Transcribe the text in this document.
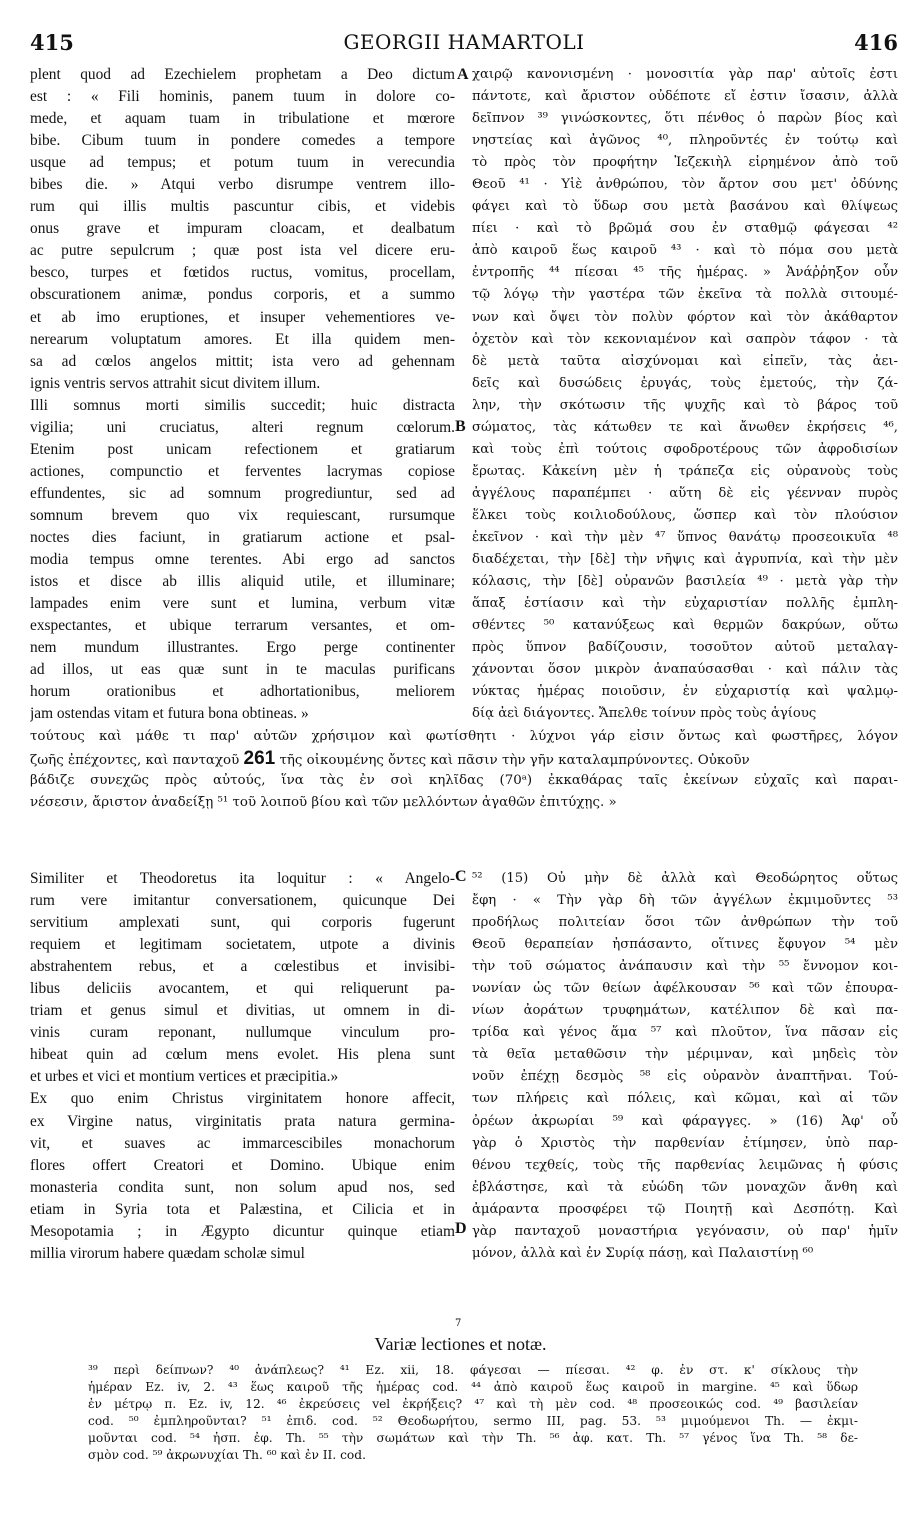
415	GEORGII HAMARTOLI	416
A
B
C
D
plent quod ad Ezechielem prophetam a Deo dictum
est : « Fili hominis, panem tuum in dolore co-
mede, et aquam tuam in tribulatione et mœrore
bibe. Cibum tuum in pondere comedes a tempore
usque ad tempus; et potum tuum in verecundia
bibes die. » Atqui verbo disrumpe ventrem illo-
rum qui illis multis pascuntur cibis, et videbis
onus grave et impuram cloacam, et dealbatum
ac putre sepulcrum ; quæ post ista vel dicere eru-
besco, turpes et fœtidos ructus, vomitus, procellam,
obscurationem animæ, pondus corporis, et a summo
et ab imo eruptiones, et insuper vehementiores ve-
nerearum voluptatum amores. Et illa quidem men-
sa ad cœlos angelos mittit; ista vero ad gehennam
ignis ventris servos attrahit sicut divitem illum.
Illi somnus morti similis succedit; huic distracta
vigilia; uni cruciatus, alteri regnum cœlorum.
Etenim post unicam refectionem et gratiarum
actiones, compunctio et ferventes lacrymas copiose
effundentes, sic ad somnum progrediuntur, sed ad
somnum brevem quo vix requiescant, rursumque
noctes dies faciunt, in gratiarum actione et psal-
modia tempus omne terentes. Abi ergo ad sanctos
istos et disce ab illis aliquid utile, et illuminare;
lampades enim vere sunt et lumina, verbum vitæ
exspectantes, et ubique terrarum versantes, et om-
nem mundum illustrantes. Ergo perge continenter
ad illos, ut eas quæ sunt in te maculas purificans
horum orationibus et adhortationibus, meliorem
jam ostendas vitam et futura bona obtineas. »
χαιρῷ κανονισμένη · μονοσιτία γὰρ παρ' αὐτοῖς ἐστι
πάντοτε, καὶ ἄριστον οὐδέποτε εἴ ἐστιν ἴσασιν, ἀλλὰ
δεῖπνον ³⁹ γινώσκοντες, ὅτι πένθος ὁ παρὼν βίος καὶ
νηστείας καὶ ἀγῶνος ⁴⁰, πληροῦντές ἐν τούτῳ καὶ
τὸ πρὸς τὸν προφήτην Ἰεζεκιὴλ εἰρημένον ἀπὸ τοῦ
Θεοῦ ⁴¹ · Υἱὲ ἀνθρώπου, τὸν ἄρτον σου μετ' ὀδύνης
φάγει καὶ τὸ ὕδωρ σου μετὰ βασάνου καὶ θλίψεως
πίει · καὶ τὸ βρῶμά σου ἐν σταθμῷ φάγεσαι ⁴²
ἀπὸ καιροῦ ἕως καιροῦ ⁴³ · καὶ τὸ πόμα σου μετὰ
ἐντροπῆς ⁴⁴ πίεσαι ⁴⁵ τῆς ἡμέρας. » Ἀνάῤῥηξον οὖν
τῷ λόγῳ τὴν γαστέρα τῶν ἐκεῖνα τὰ πολλὰ σιτουμέ-
νων καὶ ὄψει τὸν πολὺν φόρτον καὶ τὸν ἀκάθαρτον
ὀχετὸν καὶ τὸν κεκονιαμένον καὶ σαπρὸν τάφον · τὰ
δὲ μετὰ ταῦτα αἰσχύνομαι καὶ εἰπεῖν, τὰς ἀει-
δεῖς καὶ δυσώδεις ἐρυγάς, τοὺς ἐμετούς, τὴν ζά-
λην, τὴν σκότωσιν τῆς ψυχῆς καὶ τὸ βάρος τοῦ
σώματος, τὰς κάτωθεν τε καὶ ἄνωθεν ἐκρήσεις ⁴⁶,
καὶ τοὺς ἐπὶ τούτοις σφοδροτέρους τῶν ἀφροδισίων
ἔρωτας. Κἀκείνη μὲν ἡ τράπεζα εἰς οὐρανοὺς τοὺς
ἀγγέλους παραπέμπει · αὕτη δὲ εἰς γέενναν πυρὸς
ἕλκει τοὺς κοιλιοδούλους, ὥσπερ καὶ τὸν πλούσιον
ἐκεῖνον · καὶ τὴν μὲν ⁴⁷ ὕπνος θανάτῳ προσεοικυῖα ⁴⁸
διαδέχεται, τὴν [δὲ] τὴν νῆψις καὶ ἀγρυπνία, καὶ τὴν μὲν
κόλασις, τὴν [δὲ] οὐρανῶν βασιλεία ⁴⁹ · μετὰ γὰρ τὴν
ἅπαξ ἑστίασιν καὶ τὴν εὐχαριστίαν πολλῆς ἐμπλη-
σθέντες ⁵⁰ κατανύξεως καὶ θερμῶν δακρύων, οὕτω
πρὸς ὕπνον βαδίζουσιν, τοσοῦτον αὐτοῦ μεταλαγ-
χάνονται ὅσον μικρὸν ἀναπαύσασθαι · καὶ πάλιν τὰς
νύκτας ἡμέρας ποιοῦσιν, ἐν εὐχαριστίᾳ καὶ ψαλμῳ-
δίᾳ ἀεὶ διάγοντες. Ἄπελθε τοίνυν πρὸς τοὺς ἁγίους
τούτους καὶ μάθε τι παρ' αὐτῶν χρήσιμον καὶ φωτίσθητι · λύχνοι γάρ εἰσιν ὄντως καὶ φωστῆρες, λόγον
ζωῆς ἐπέχοντες, καὶ πανταχοῦ 261 τῆς οἰκουμένης ὄντες καὶ πᾶσιν τὴν γῆν καταλαμπρύνοντες. Οὐκοῦν
βάδιζε συνεχῶς πρὸς αὐτούς, ἵνα τὰς ἐν σοὶ κηλῖδας (70ᵃ) ἐκκαθάρας ταῖς ἐκείνων εὐχαῖς καὶ παραι-
νέσεσιν, ἄριστον ἀναδείξῃ ⁵¹ τοῦ λοιποῦ βίου καὶ τῶν μελλόντων ἀγαθῶν ἐπιτύχῃς. »
Similiter et Theodoretus ita loquitur : « Angelo-
rum vere imitantur conversationem, quicunque Dei
servitium amplexati sunt, qui corporis fugerunt
requiem et legitimam societatem, utpote a divinis
abstrahentem rebus, et a cœlestibus et invisibi-
libus deliciis avocantem, et qui reliquerunt pa-
triam et genus simul et divitias, ut omnem in di-
vinis curam reponant, nullumque vinculum pro-
hibeat quin ad cœlum mens evolet. His plena sunt
et urbes et vici et montium vertices et præcipitia.»
Ex quo enim Christus virginitatem honore affecit,
ex Virgine natus, virginitatis prata natura germina-
vit, et suaves ac immarcescibiles monachorum
flores offert Creatori et Domino. Ubique enim
monasteria condita sunt, non solum apud nos, sed
etiam in Syria tota et Palæstina, et Cilicia et in
Mesopotamia ; in Ægypto dicuntur quinque etiam
millia virorum habere quædam scholæ simul
⁵² (15) Οὐ μὴν δὲ ἀλλὰ καὶ Θεοδώρητος οὕτως
ἔφη · « Τὴν γὰρ δὴ τῶν ἀγγέλων ἐκμιμοῦντες ⁵³
προδήλως πολιτείαν ὅσοι τῶν ἀνθρώπων τὴν τοῦ
Θεοῦ θεραπείαν ἠσπάσαντο, οἵτινες ἔφυγον ⁵⁴ μὲν
τὴν τοῦ σώματος ἀνάπαυσιν καὶ τὴν ⁵⁵ ἔννομον κοι-
νωνίαν ὡς τῶν θείων ἀφέλκουσαν ⁵⁶ καὶ τῶν ἐπουρα-
νίων ἀοράτων τρυφημάτων, κατέλιπον δὲ καὶ πα-
τρίδα καὶ γένος ἅμα ⁵⁷ καὶ πλοῦτον, ἵνα πᾶσαν εἰς
τὰ θεῖα μεταθῶσιν τὴν μέριμναν, καὶ μηδεὶς τὸν
νοῦν ἐπέχῃ δεσμὸς ⁵⁸ εἰς οὐρανὸν ἀναπτῆναι. Τού-
των πλήρεις καὶ πόλεις, καὶ κῶμαι, καὶ αἱ τῶν
ὀρέων ἀκρωρίαι ⁵⁹ καὶ φάραγγες. » (16) Ἀφ' οὗ
γὰρ ὁ Χριστὸς τὴν παρθενίαν ἐτίμησεν, ὑπὸ παρ-
θένου τεχθείς, τοὺς τῆς παρθενίας λειμῶνας ἡ φύσις
ἐβλάστησε, καὶ τὰ εὐώδη τῶν μοναχῶν ἄνθη καὶ
ἀμάραντα προσφέρει τῷ Ποιητῇ καὶ Δεσπότῃ. Καὶ
γὰρ πανταχοῦ μοναστήρια γεγόνασιν, οὐ παρ' ἡμῖν
μόνον, ἀλλὰ καὶ ἐν Συρίᾳ πάσῃ, καὶ Παλαιστίνῃ ⁶⁰
7
Variæ lectiones et notæ.
³⁹ περὶ δείπνων? ⁴⁰ ἀνάπλεως? ⁴¹ Ez. xii, 18. φάγεσαι — πίεσαι. ⁴² φ. ἐν στ. κ' σίκλους τὴν
ἡμέραν Ez. iv, 2. ⁴³ ἕως καιροῦ τῆς ἡμέρας cod. ⁴⁴ ἀπὸ καιροῦ ἕως καιροῦ in margine. ⁴⁵ καὶ ὕδωρ
ἐν μέτρῳ π. Ez. iv, 12. ⁴⁶ ἐκρεύσεις vel ἐκρήξεις? ⁴⁷ καὶ τὴ μὲν cod. ⁴⁸ προσεοικώς cod. ⁴⁹ βασιλείαν
cod. ⁵⁰ ἐμπληροῦνται? ⁵¹ ἐπιδ. cod. ⁵² Θεοδωρήτου, sermo III, pag. 53. ⁵³ μιμούμενοι Th. — ἐκμι-
μοῦνται cod. ⁵⁴ ἠσπ. ἐφ. Th. ⁵⁵ τὴν σωμάτων καὶ τὴν Th. ⁵⁶ ἀφ. κατ. Th. ⁵⁷ γένος ἵνα Th. ⁵⁸ δε-
σμὸν cod. ⁵⁹ ἀκρωνυχίαι Th. ⁶⁰ καὶ ἐν II. cod.
